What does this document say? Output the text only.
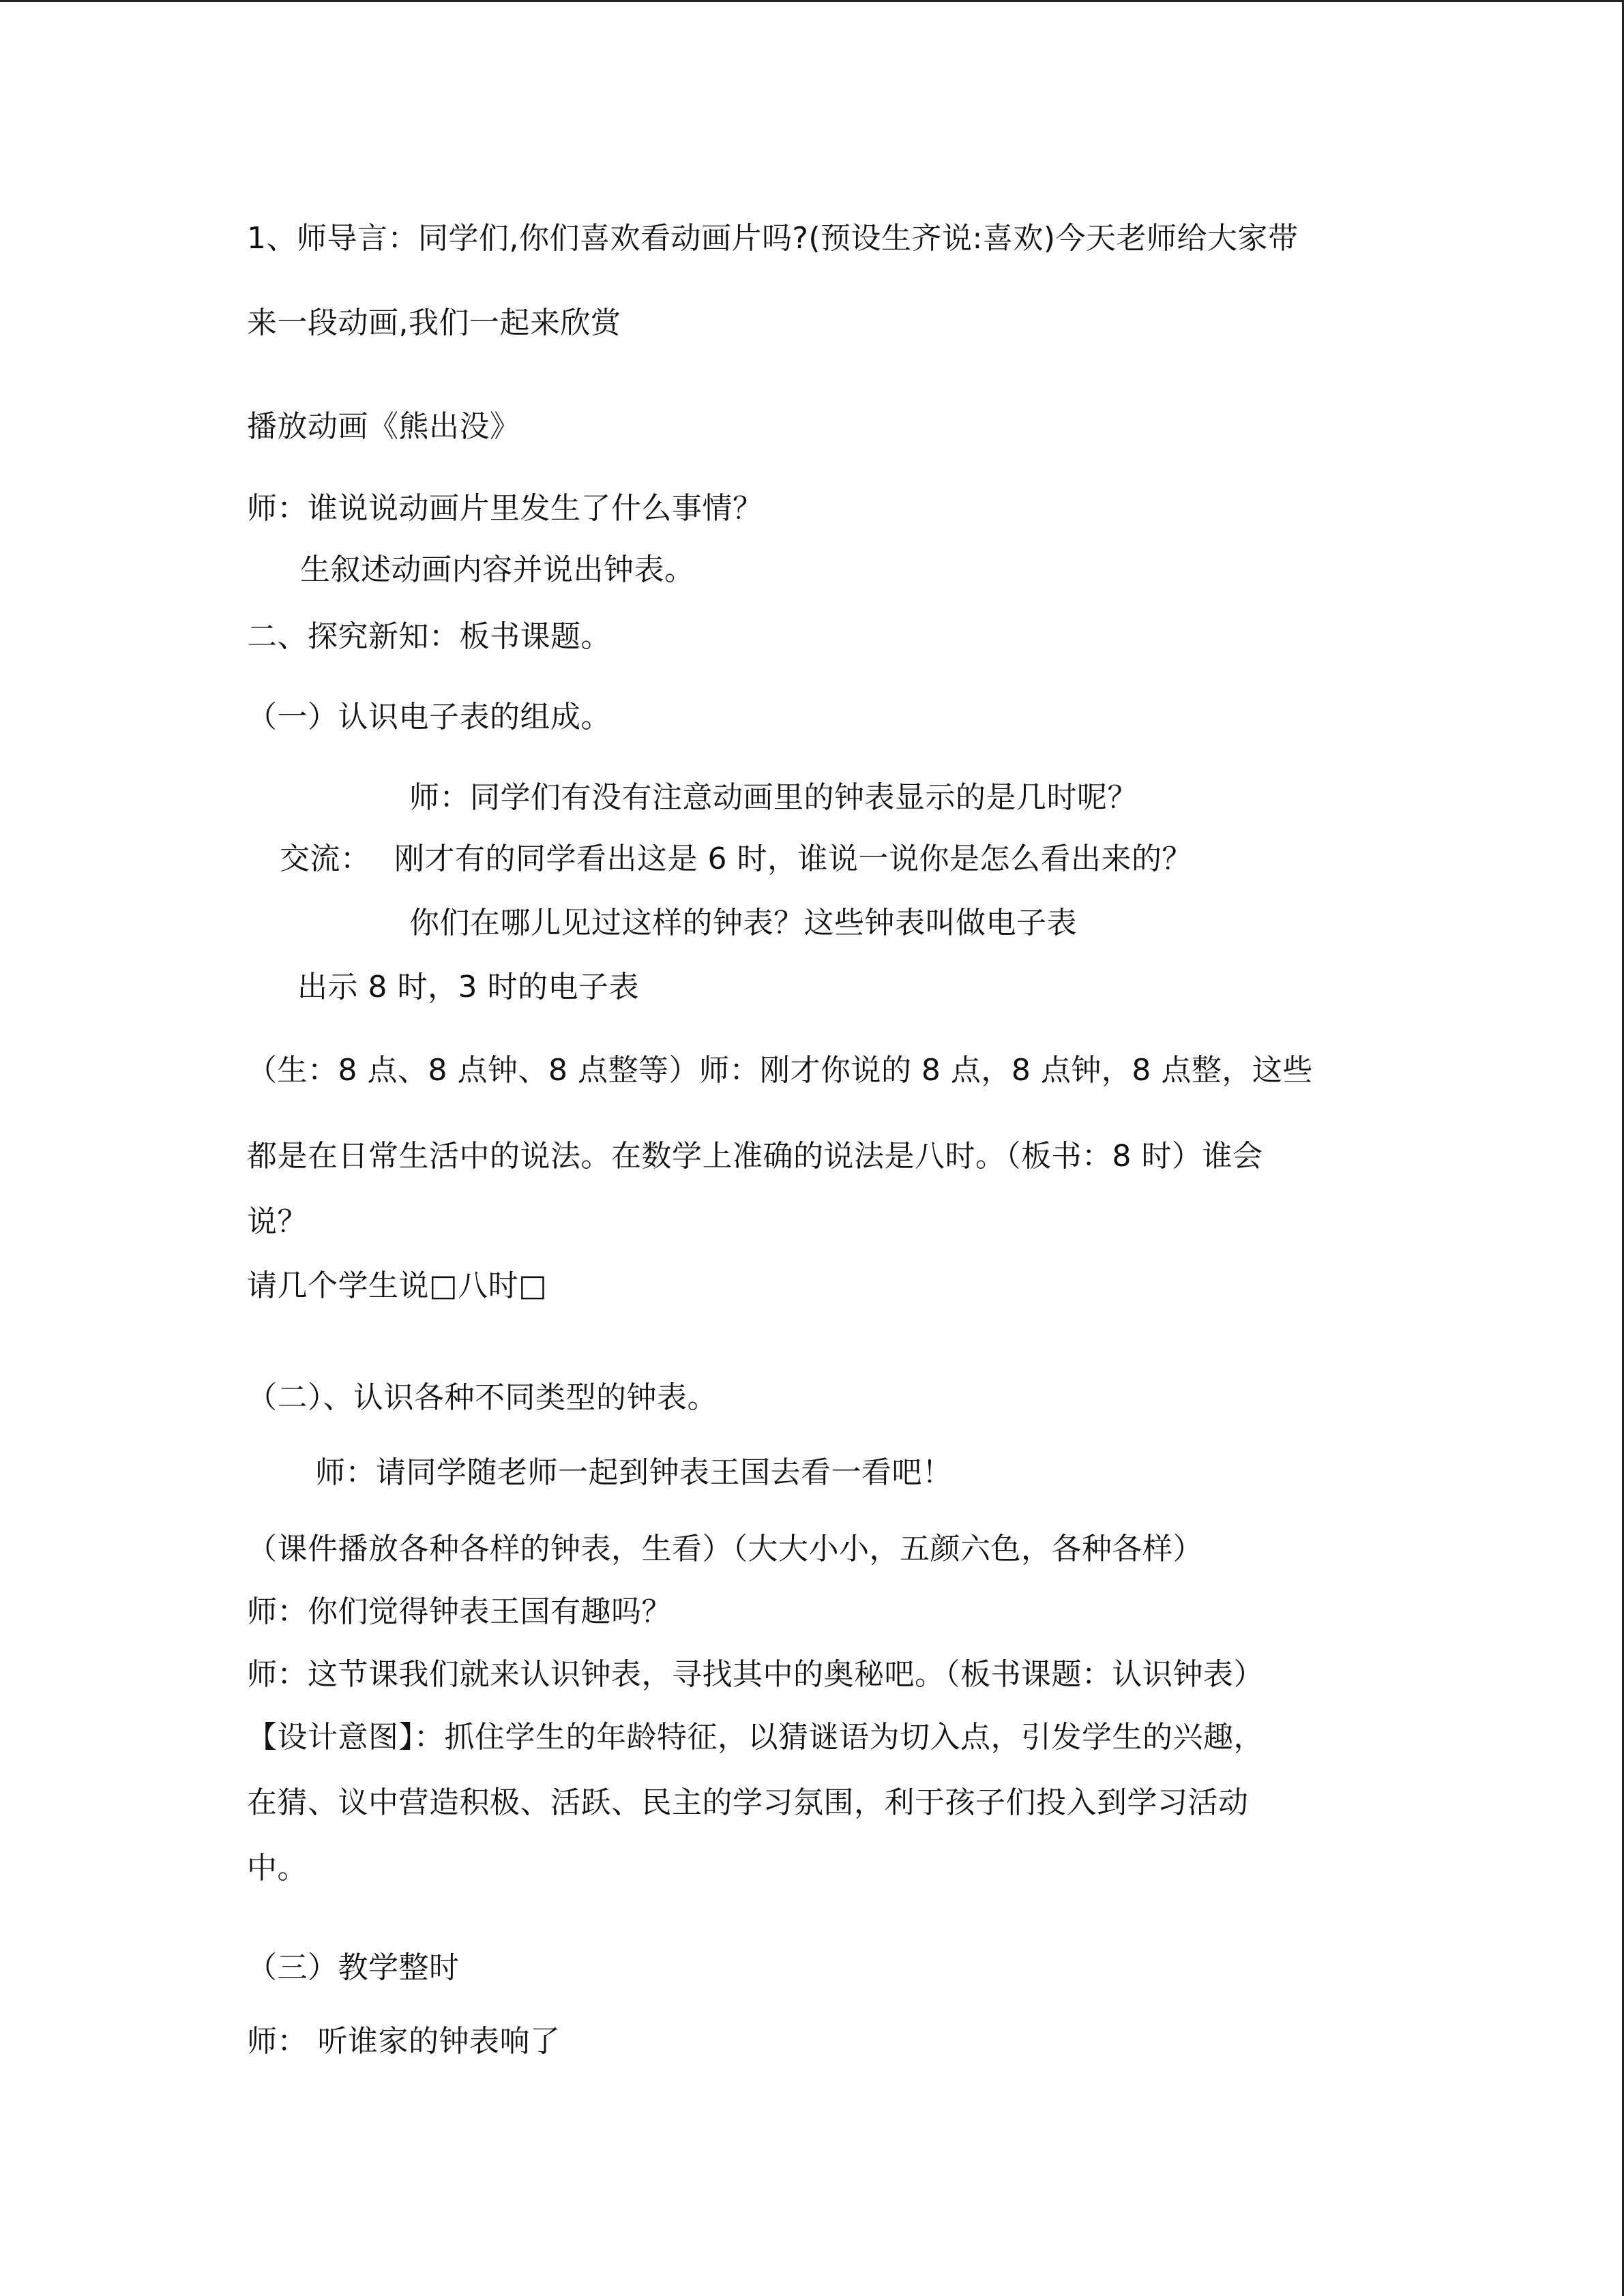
1、师导言：同学们,你们喜欢看动画片吗?(预设生齐说:喜欢)今天老师给大家带
来一段动画,我们一起来欣赏
播放动画《熊出没》
师：谁说说动画片里发生了什么事情？
生叙述动画内容并说出钟表。
二、探究新知：板书课题。
（一）认识电子表的组成。
师：同学们有没有注意动画里的钟表显示的是几时呢？
交流： 刚才有的同学看出这是 6 时，谁说一说你是怎么看出来的？
你们在哪儿见过这样的钟表？这些钟表叫做电子表
出示 8 时，3 时的电子表
（生：8 点、8 点钟、8 点整等）师：刚才你说的 8 点，8 点钟，8 点整，这些
都是在日常生活中的说法。在数学上准确的说法是八时。（板书：8 时）谁会
说？
请几个学生说□八时□
（二）、认识各种不同类型的钟表。
师：请同学随老师一起到钟表王国去看一看吧！
（课件播放各种各样的钟表，生看）（大大小小，五颜六色，各种各样）
师：你们觉得钟表王国有趣吗？
师：这节课我们就来认识钟表，寻找其中的奥秘吧。（板书课题：认识钟表）
【设计意图】：抓住学生的年龄特征，以猜谜语为切入点，引发学生的兴趣，
在猜、议中营造积极、活跃、民主的学习氛围，利于孩子们投入到学习活动
中。
（三）教学整时
师： 听谁家的钟表响了
